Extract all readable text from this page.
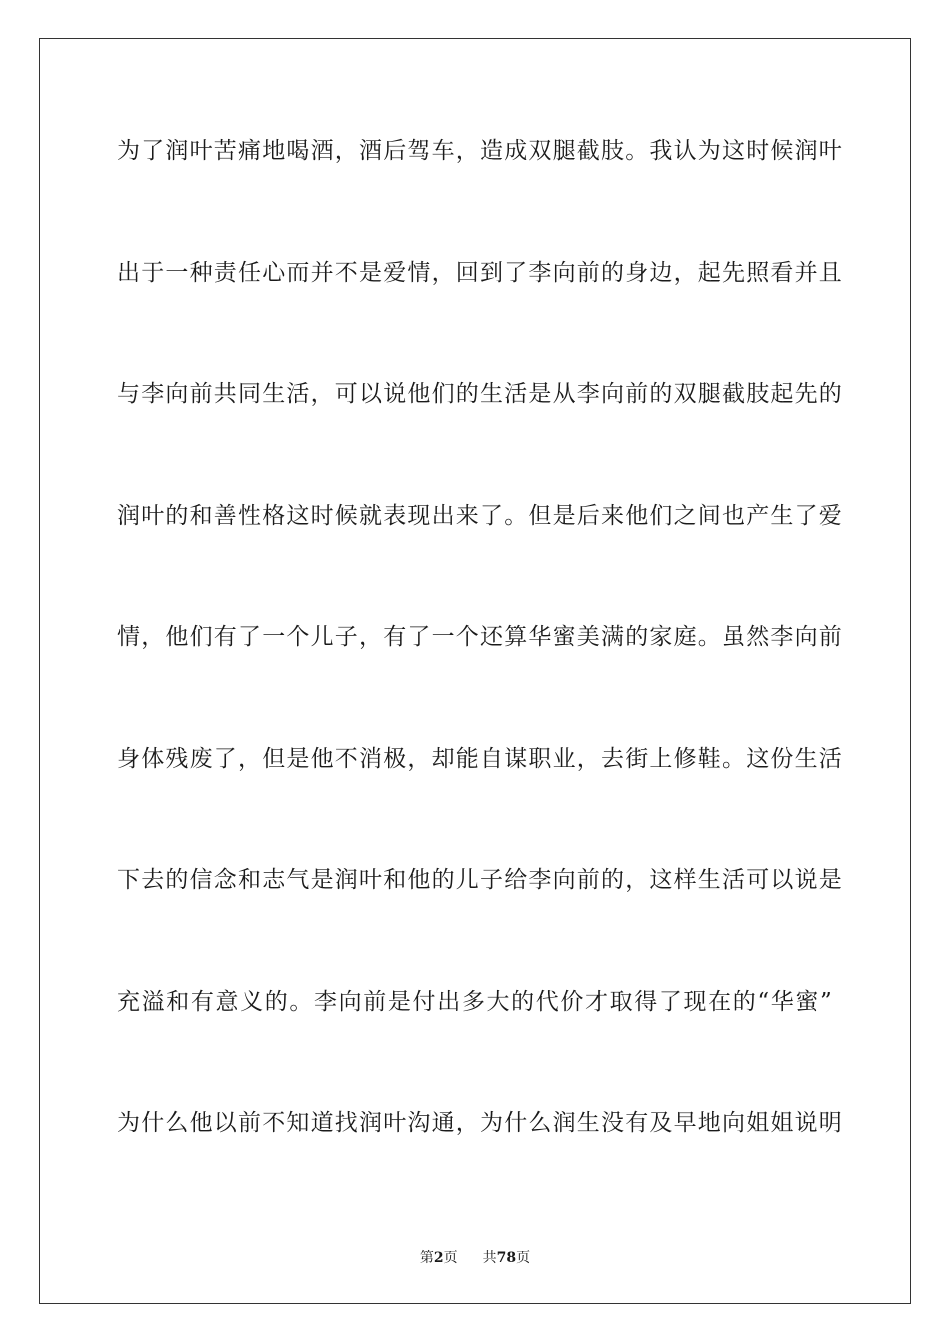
为了润叶苦痛地喝酒，酒后驾车，造成双腿截肢。我认为这时候润叶
出于一种责任心而并不是爱情，回到了李向前的身边，起先照看并且
与李向前共同生活，可以说他们的生活是从李向前的双腿截肢起先的
润叶的和善性格这时候就表现出来了。但是后来他们之间也产生了爱
情，他们有了一个儿子，有了一个还算华蜜美满的家庭。虽然李向前
身体残废了，但是他不消极，却能自谋职业，去街上修鞋。这份生活
下去的信念和志气是润叶和他的儿子给李向前的，这样生活可以说是
充溢和有意义的。李向前是付出多大的代价才取得了现在的“华蜜”
为什么他以前不知道找润叶沟通，为什么润生没有及早地向姐姐说明
第2页 共78页
